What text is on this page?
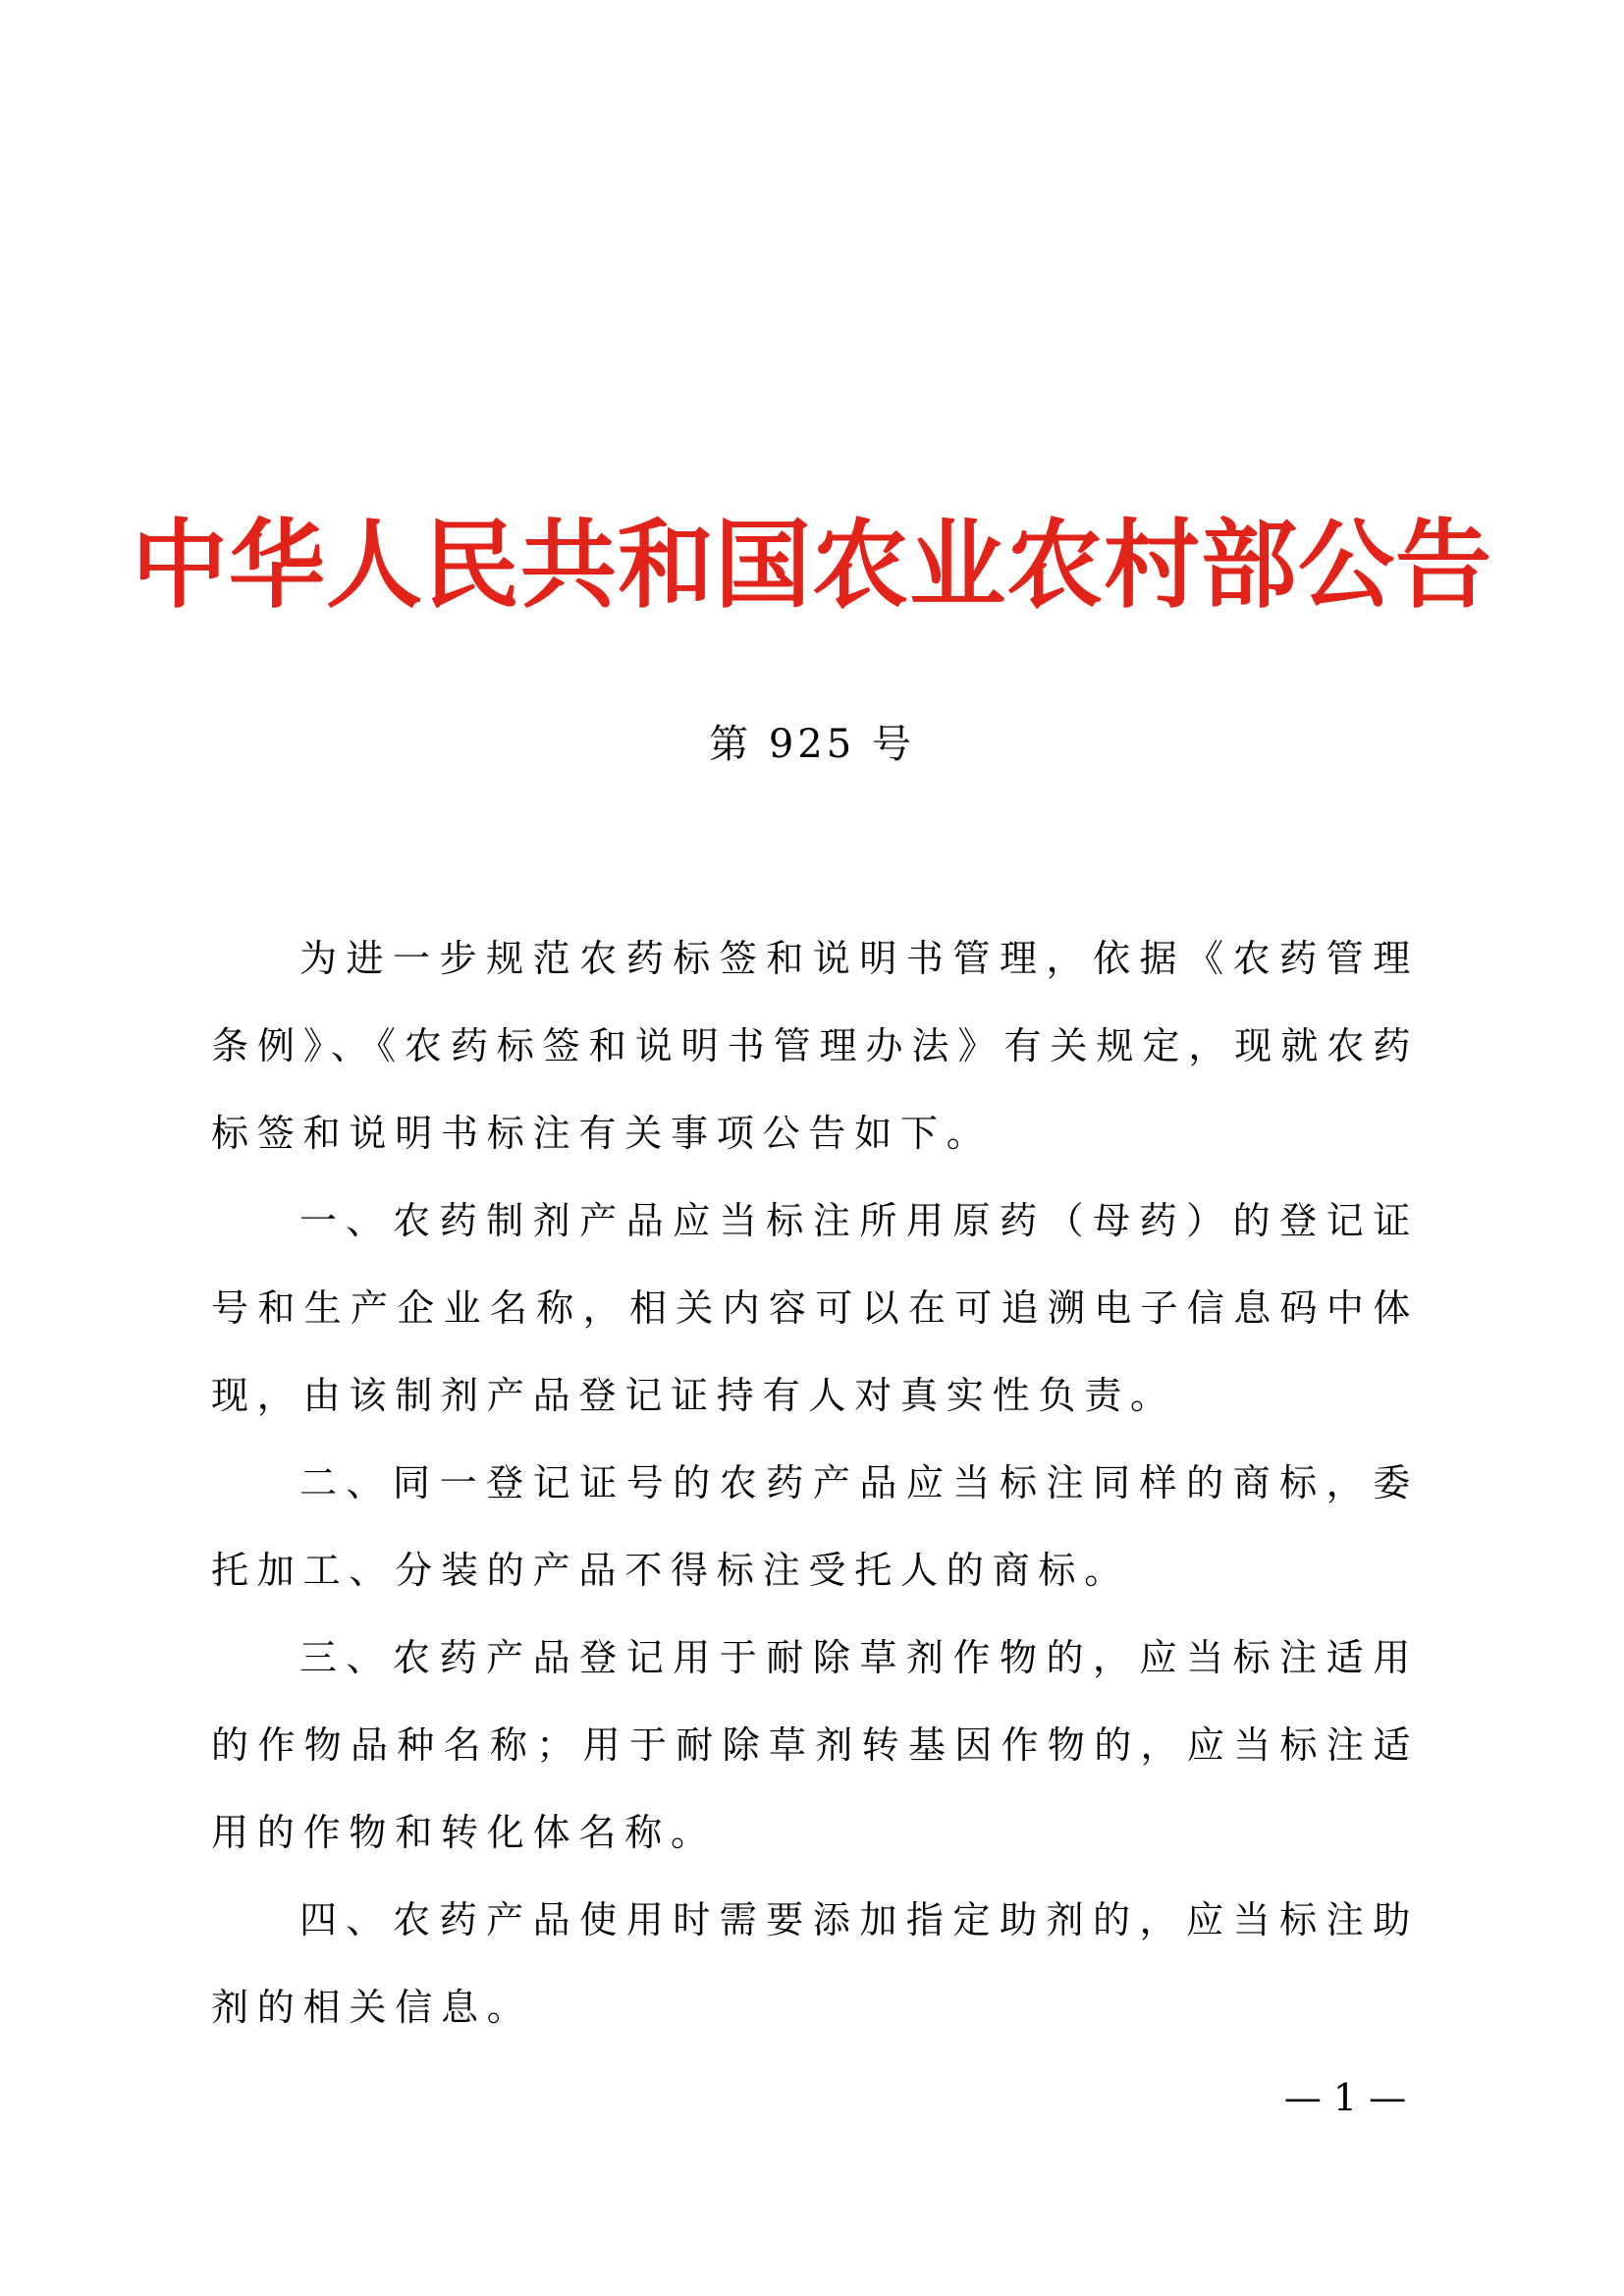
中华人民共和国农业农村部公告
第 925 号

为进一步规范农药标签和说明书管理，依据《农药管理条例》、《农药标签和说明书管理办法》有关规定，现就农药标签和说明书标注有关事项公告如下。

一、农药制剂产品应当标注所用原药（母药）的登记证号和生产企业名称，相关内容可以在可追溯电子信息码中体现，由该制剂产品登记证持有人对真实性负责。

二、同一登记证号的农药产品应当标注同样的商标，委托加工、分装的产品不得标注受托人的商标。

三、农药产品登记用于耐除草剂作物的，应当标注适用的作物品种名称；用于耐除草剂转基因作物的，应当标注适用的作物和转化体名称。

四、农药产品使用时需要添加指定助剂的，应当标注助剂的相关信息。

— 1 —
